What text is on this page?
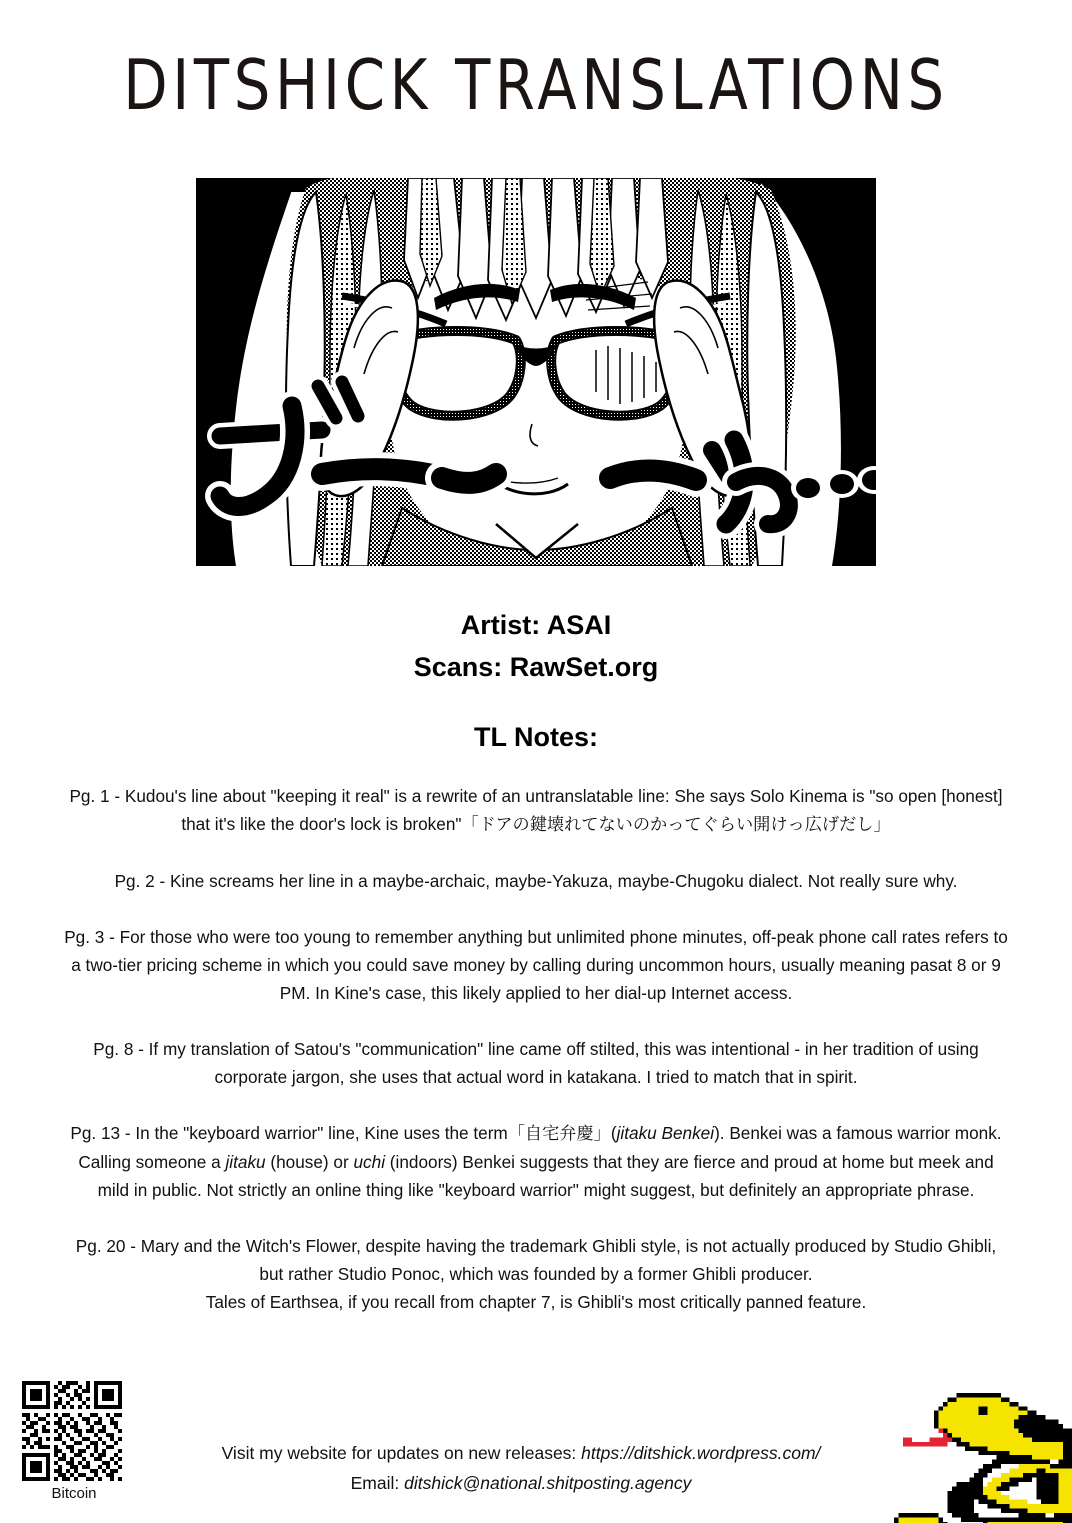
DITSHICK TRANSLATIONS
Artist: ASAI
Scans: RawSet.org
TL Notes:

Pg. 1 - Kudou's line about "keeping it real" is a rewrite of an untranslatable line: She says Solo Kinema is "so open [honest] that it's like the door's lock is broken"「ドアの鍵壊れてないのかってぐらい開けっ広げだし」

Pg. 2 - Kine screams her line in a maybe-archaic, maybe-Yakuza, maybe-Chugoku dialect. Not really sure why.

Pg. 3 - For those who were too young to remember anything but unlimited phone minutes, off-peak phone call rates refers to a two-tier pricing scheme in which you could save money by calling during uncommon hours, usually meaning pasat 8 or 9 PM. In Kine's case, this likely applied to her dial-up Internet access.

Pg. 8 - If my translation of Satou's "communication" line came off stilted, this was intentional - in her tradition of using corporate jargon, she uses that actual word in katakana. I tried to match that in spirit.

Pg. 13 - In the "keyboard warrior" line, Kine uses the term「自宅弁慶」(jitaku Benkei). Benkei was a famous warrior monk. Calling someone a jitaku (house) or uchi (indoors) Benkei suggests that they are fierce and proud at home but meek and mild in public. Not strictly an online thing like "keyboard warrior" might suggest, but definitely an appropriate phrase.

Pg. 20 - Mary and the Witch's Flower, despite having the trademark Ghibli style, is not actually produced by Studio Ghibli, but rather Studio Ponoc, which was founded by a former Ghibli producer.
Tales of Earthsea, if you recall from chapter 7, is Ghibli's most critically panned feature.

Bitcoin
Visit my website for updates on new releases: https://ditshick.wordpress.com/
Email: ditshick@national.shitposting.agency
